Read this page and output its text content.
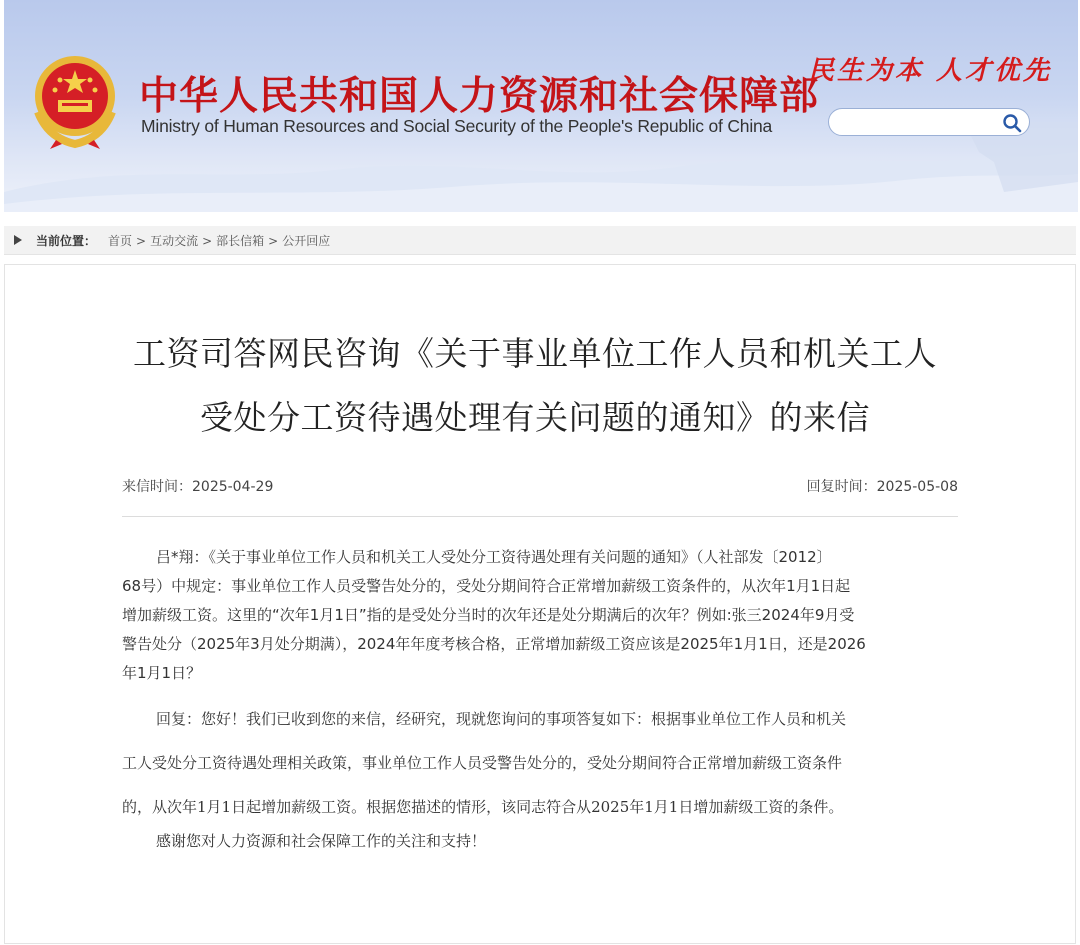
中华人民共和国人力资源和社会保障部
Ministry of Human Resources and Social Security of the People's Republic of China
民生为本 人才优先
当前位置： 首页 > 互动交流 > 部长信箱 > 公开回应
工资司答网民咨询《关于事业单位工作人员和机关工人
受处分工资待遇处理有关问题的通知》的来信
来信时间：2025-04-29	回复时间：2025-05-08
吕*翔：《关于事业单位工作人员和机关工人受处分工资待遇处理有关问题的通知》（人社部发〔2012〕
68号）中规定：事业单位工作人员受警告处分的，受处分期间符合正常增加薪级工资条件的，从次年1月1日起
增加薪级工资。这里的“次年1月1日”指的是受处分当时的次年还是处分期满后的次年？例如:张三2024年9月受
警告处分（2025年3月处分期满），2024年年度考核合格，正常增加薪级工资应该是2025年1月1日，还是2026
年1月1日？
回复：您好！我们已收到您的来信，经研究，现就您询问的事项答复如下：根据事业单位工作人员和机关
工人受处分工资待遇处理相关政策，事业单位工作人员受警告处分的，受处分期间符合正常增加薪级工资条件
的，从次年1月1日起增加薪级工资。根据您描述的情形，该同志符合从2025年1月1日增加薪级工资的条件。
感谢您对人力资源和社会保障工作的关注和支持！
